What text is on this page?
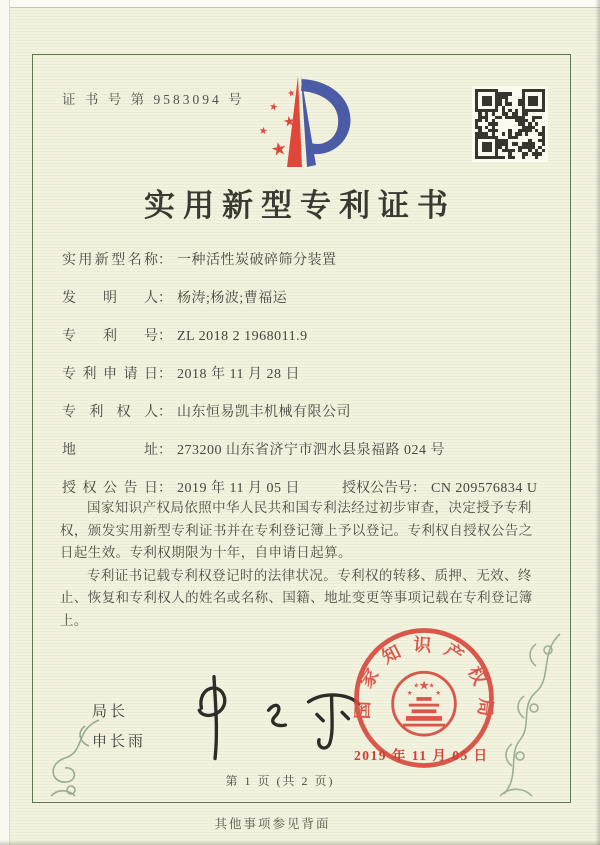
证 书 号 第 9583094 号	★
★
★
★
★
实用新型专利证书
实用新型名称： 一种活性炭破碎筛分装置
发明人： 杨涛;杨波;曹福运
专利号： ZL 2018 2 1968011.9
专利申请日： 2018 年 11 月 28 日
专利权人： 山东恒易凯丰机械有限公司
地址： 273200 山东省济宁市泗水县泉福路 024 号
授权公告日： 2019 年 11 月 05 日	授权公告号： CN 209576834 U

国家知识产权局依照中华人民共和国专利法经过初步审查，决定授予专利权，颁发实用新型专利证书并在专利登记簿上予以登记。专利权自授权公告之日起生效。专利权期限为十年，自申请日起算。

专利证书记载专利权登记时的法律状况。专利权的转移、质押、无效、终止、恢复和专利权人的姓名或名称、国籍、地址变更等事项记载在专利登记簿上。

局长
申长雨
国家知识产权局
★
★
★ ★
★
2019 年 11 月 05 日
第 1 页 (共 2 页)
其他事项参见背面
